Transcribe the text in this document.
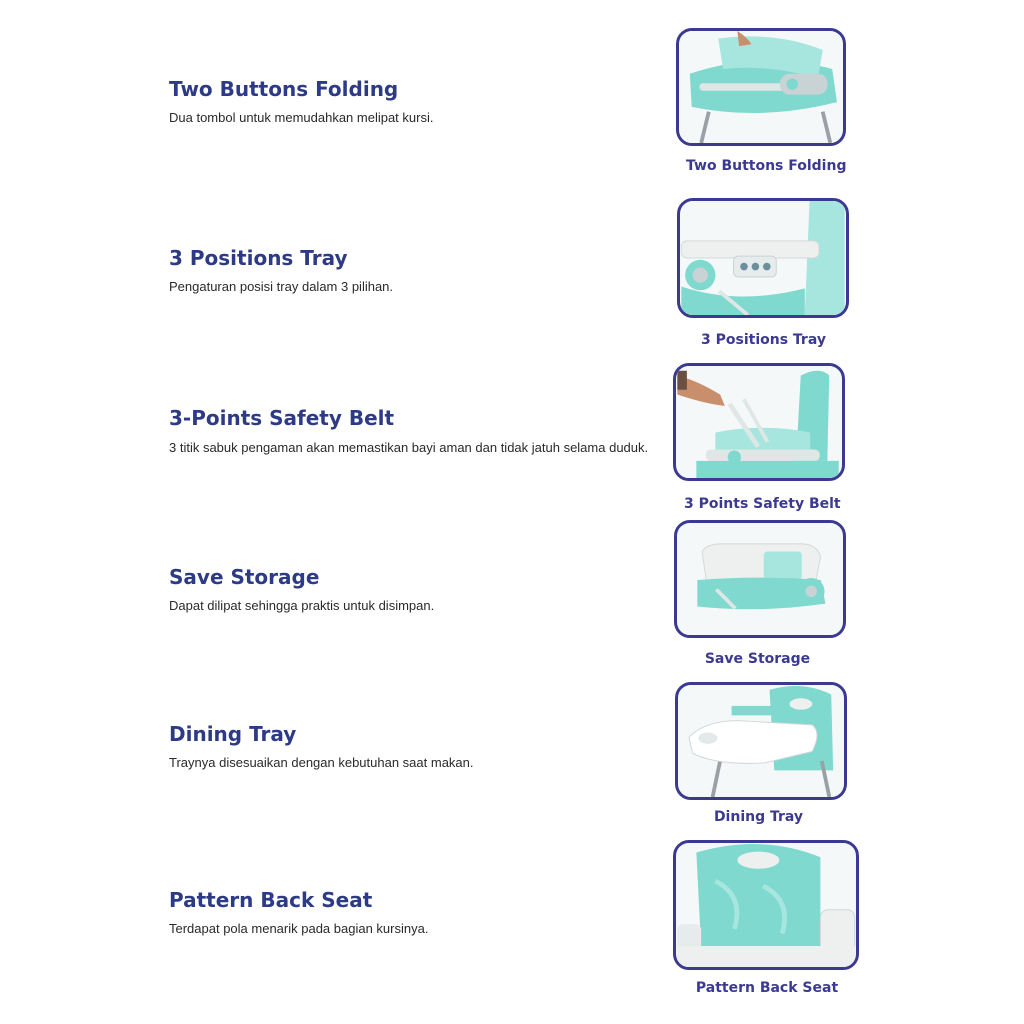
Two Buttons Folding

Dua tombol untuk memudahkan melipat kursi.

Two Buttons Folding

3 Positions Tray

Pengaturan posisi tray dalam 3 pilihan.

3 Positions Tray

3-Points Safety Belt

3 titik sabuk pengaman akan memastikan bayi aman dan tidak jatuh selama duduk.

3 Points Safety Belt

Save Storage

Dapat dilipat sehingga praktis untuk disimpan.

Save Storage

Dining Tray

Traynya disesuaikan dengan kebutuhan saat makan.

Dining Tray

Pattern Back Seat

Terdapat pola menarik pada bagian kursinya.

Pattern Back Seat
